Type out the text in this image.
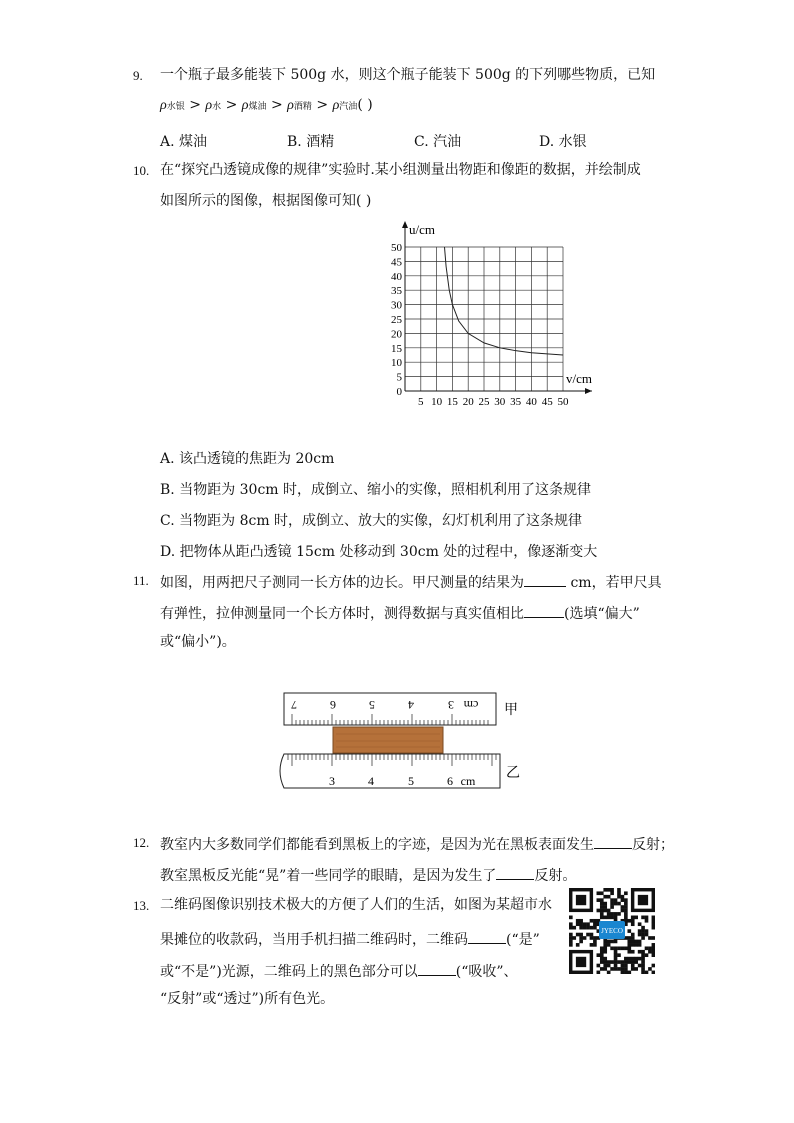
9. 一个瓶子最多能装下 500g 水，则这个瓶子能装下 500g 的下列哪些物质，已知
ρ水银 > ρ水 > ρ煤油 > ρ酒精 > ρ汽油( )
A. 煤油	B. 酒精	C. 汽油	D. 水银
10. 在“探究凸透镜成像的规律”实验时.某小组测量出物距和像距的数据，并绘制成
如图所示的图像，根据图像可知( )
0
5
10
15
20
25
30
35
40
45
50
5 10 15 20 25 30 35 40 45 50
u/cm
v/cm
A. 该凸透镜的焦距为 20cm
B. 当物距为 30cm 时，成倒立、缩小的实像，照相机利用了这条规律
C. 当物距为 8cm 时，成倒立、放大的实像，幻灯机利用了这条规律
D. 把物体从距凸透镜 15cm 处移动到 30cm 处的过程中，像逐渐变大
11. 如图，用两把尺子测同一长方体的边长。甲尺测量的结果为	cm，若甲尺具
有弹性，拉伸测量同一个长方体时，测得数据与真实值相比	(选填“偏大”
或“偏小”)。
7	6	5	4	3 cm 甲
3	4	5	6 cm 乙
12. 教室内大多数同学们都能看到黑板上的字迹，是因为光在黑板表面发生	反射；
教室黑板反光能“晃”着一些同学的眼睛，是因为发生了	反射。
13. 二维码图像识别技术极大的方便了人们的生活，如图为某超市水
果摊位的收款码，当用手机扫描二维码时，二维码	(“是”
或“不是”)光源，二维码上的黑色部分可以	(“吸收”、
“反射”或“透过”)所有色光。
JYECO
